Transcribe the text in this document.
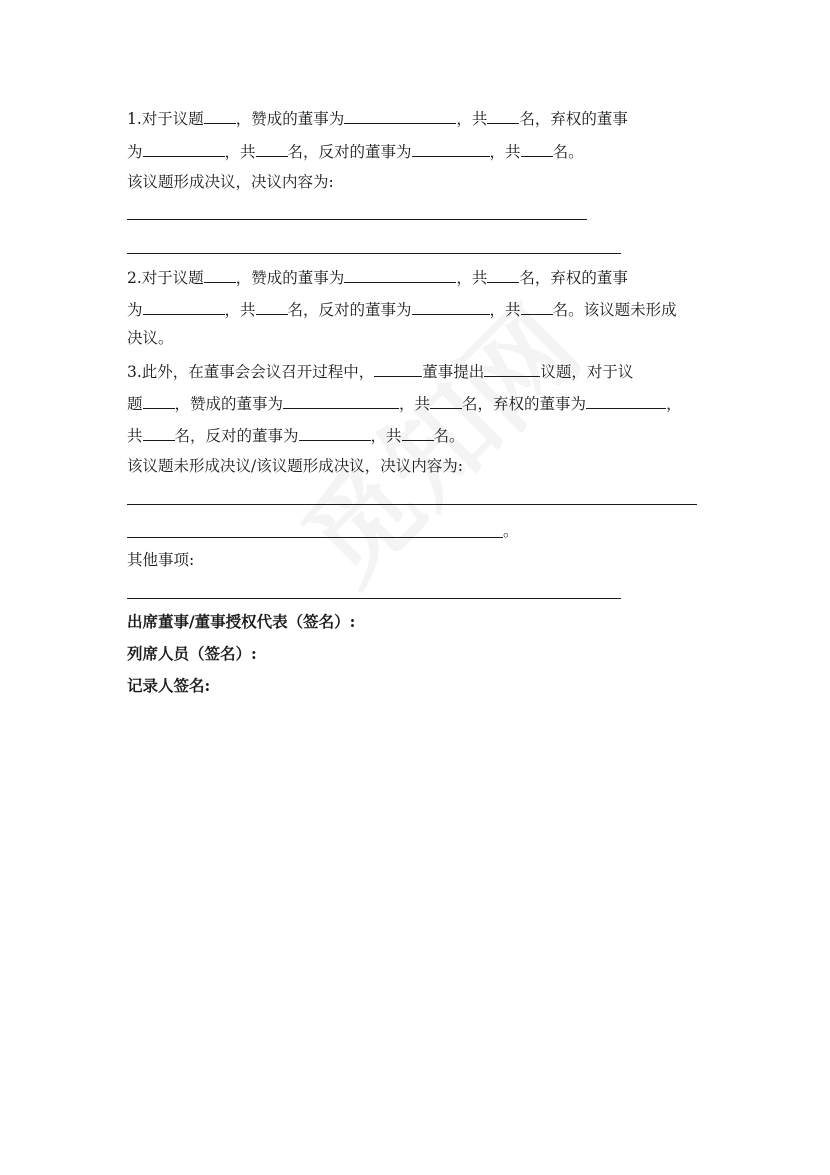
1.对于议题 ，赞成的董事为	，共 名，弃权的董事
为	，共 名，反对的董事为	，共 名。
该议题形成决议，决议内容为:
2.对于议题 ，赞成的董事为	，共 名，弃权的董事
为	，共 名，反对的董事为	，共 名。该议题未形成
决议。
3.此外，在董事会会议召开过程中，	董事提出	议题，对于议
题 ，赞成的董事为	，共 名，弃权的董事为	，
共 名，反对的董事为	，共 名。
该议题未形成决议/该议题形成决议，决议内容为:
。
其他事项:
出席董事/董事授权代表（签名）:
列席人员（签名）:
记录人签名:
